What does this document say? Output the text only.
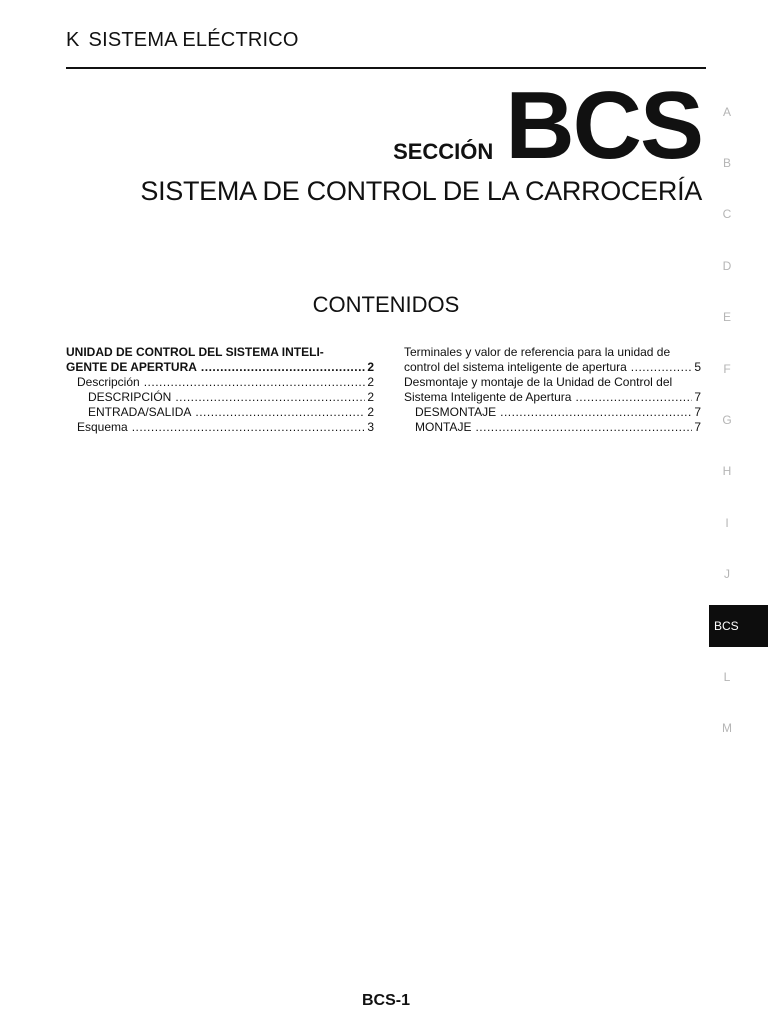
K SISTEMA ELÉCTRICO
SECCIÓN BCS
SISTEMA DE CONTROL DE LA CARROCERÍA
CONTENIDOS
UNIDAD DE CONTROL DEL SISTEMA INTELI-
GENTE DE APERTURA .....	2
Descripción .....	2
DESCRIPCIÓN .....	2
ENTRADA/SALIDA .....	2
Esquema .....	3
Terminales y valor de referencia para la unidad de
control del sistema inteligente de apertura .....	5
Desmontaje y montaje de la Unidad de Control del
Sistema Inteligente de Apertura .....	7
DESMONTAJE .....	7
MONTAJE .....	7
A
B
C
D
E
F
G
H
I
J
BCS
L
M
BCS-1
